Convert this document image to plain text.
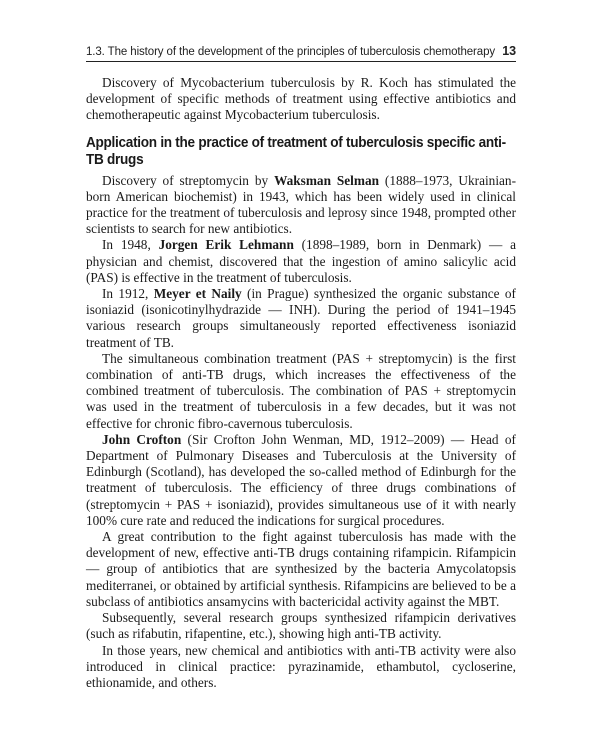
1.3. The history of the development of the principles of tuberculosis chemotherapy 13

Discovery of Mycobacterium tuberculosis by R. Koch has stimulated the development of specific methods of treatment using effective antibiotics and chemotherapeutic against Mycobacterium tuberculosis.

Application in the practice of treatment of tuberculosis specific anti-TB drugs

Discovery of streptomycin by Waksman Selman (1888–1973, Ukrainian-born American biochemist) in 1943, which has been widely used in clinical practice for the treatment of tuberculosis and leprosy since 1948, prompted other scientists to search for new antibiotics.

In 1948, Jorgen Erik Lehmann (1898–1989, born in Denmark) — a physician and chemist, discovered that the ingestion of amino salicylic acid (PAS) is effective in the treatment of tuberculosis.

In 1912, Meyer et Naily (in Prague) synthesized the organic substance of isoniazid (isonicotinylhydrazide — INH). During the period of 1941–1945 various research groups simultaneously reported effectiveness isoniazid treatment of TB.

The simultaneous combination treatment (PAS + streptomycin) is the first combination of anti-TB drugs, which increases the effectiveness of the combined treatment of tuberculosis. The combination of PAS + streptomycin was used in the treatment of tuberculosis in a few decades, but it was not effective for chronic fibro-cavernous tuberculosis.

John Crofton (Sir Crofton John Wenman, MD, 1912–2009) — Head of Department of Pulmonary Diseases and Tuberculosis at the University of Edinburgh (Scotland), has developed the so-called method of Edinburgh for the treatment of tuberculosis. The efficiency of three drugs combinations of (streptomycin + PAS + isoniazid), provides simultaneous use of it with nearly 100% cure rate and reduced the indications for surgical procedures.

A great contribution to the fight against tuberculosis has made with the development of new, effective anti-TB drugs containing rifampicin. Rifampicin — group of antibiotics that are synthesized by the bacteria Amycolatopsis mediterranei, or obtained by artificial synthesis. Rifampicins are believed to be a subclass of antibiotics ansamycins with bactericidal activity against the MBT.

Subsequently, several research groups synthesized rifampicin derivatives (such as rifabutin, rifapentine, etc.), showing high anti-TB activity.

In those years, new chemical and antibiotics with anti-TB activity were also introduced in clinical practice: pyrazinamide, ethambutol, cycloserine, ethionamide, and others.
